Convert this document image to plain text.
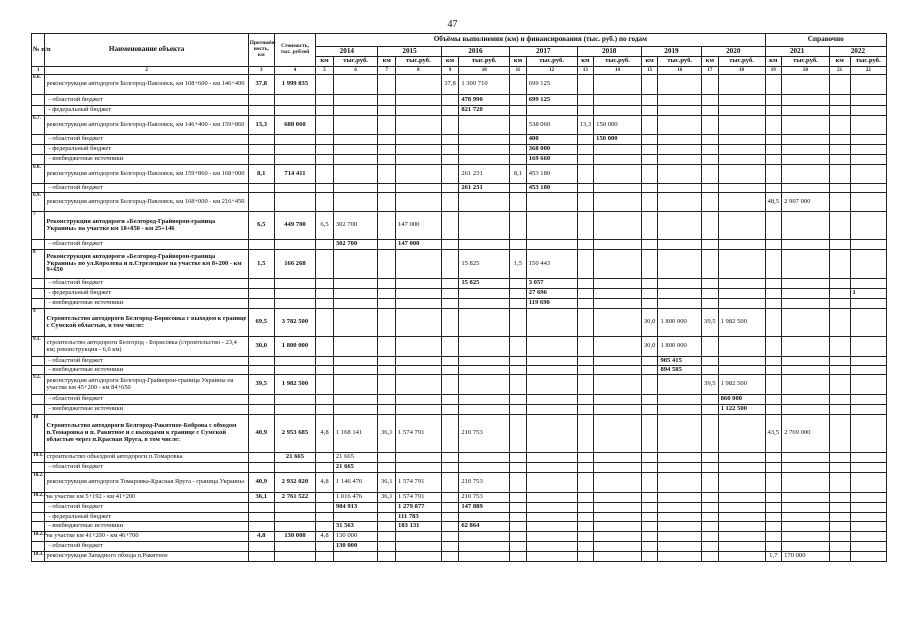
47
№ п/п	Наименование объекта	Протяжён-
ность,
км	Стоимость,
тыс. рублей	Объёмы выполнения (км) и финансирования (тыс. руб.) по годам														Справочно			
				2014		2015		2016		2017		2018		2019		2020		2021		2022	
				км	тыс.руб.	км	тыс.руб.	км	тыс.руб.	км	тыс.руб.	км	тыс.руб.	км	тыс.руб.	км	тыс.руб.	км	тыс.руб.	км	тыс.руб.
1	2	3	4	5	6	7	8	9	10	11	12	13	14	15	16	17	18	19	20	21	22
6.6.	реконструкция автодороги Белгород-Павловск, км 108+600 - км 146+400	37,8	1 999 835					37,8	1 300 710		699 125										
	- областной бюджет								478 990		699 125										
	- федеральный бюджет								821 720												
6.7.	реконструкция автодороги Белгород-Павловск, км 146+400 - км 159+860	13,3	688 060								538 060	13,3	150 000								
	- областной бюджет										400		150 000								
	- федеральный бюджет										368 000										
	- внебюджетные источники										169 660										
6.8.	реконструкция автодороги Белгород-Павловск, км 159+860 - км 168+000	8,1	714 411						261 231	8,1	453 180										
	- областной бюджет								261 231		453 180										
6.9.	реконструкция автодороги Белгород-Павловск, км 168+000 - км 216+450																	48,5	2 907 000		
7	Реконструкция автодороги «Белгород-Грайворон-граница Украины» на участке км 18+850 - км 25+146	6,5	449 700	6,5	302 700		147 000														
	- областной бюджет				302 700		147 000														
8	Реконструкция автодороги «Белгород-Грайворон-граница Украины» по ул.Королева и п.Стрелецкое на участке км 8+200 - км 9+650	1,5	166 268						15 825	1,5	150 443										
	- областной бюджет								15 825		3 057										
	- федеральный бюджет										27 696										1
	- внебюджетные источники										119 690										
9	Строительство автодороги Белгород-Борисовка с выходом к границе с Сумской областью, в том числе:	69,5	3 782 500											30,0	1 800 000	39,5	1 982 500				
9.1.	строительство автодороги Белгород - Борисовка (строительство - 23,4 км; реконструкция - 6,6 км)	30,0	1 800 000											30,0	1 800 000						
	- областной бюджет														905 415						
	- внебюджетные источники														894 585						
9.2.	реконструкция автодороги Белгород-Грайворон-граница Украины на участке км 45+200 - км 84+650	39,5	1 982 500													39,5	1 982 500				
	- областной бюджет																860 000				
	- внебюджетные источники																1 122 500				
10	Строительство автодороги Белгород-Ракитное-Боброва с обходом п.Томаровка и п. Ракитное и с выходами к границе с Сумской областью через п.Красная Яруга, в том числе:	40,9	2 953 685	4,8	1 168 141	36,1	1 574 791		210 753									43,5	2 769 000		
10.1.	строительство объездной автодороги п.Томаровка		21 665		21 665																
	- областной бюджет				21 665																
10.2.	реконструкция автодороги Томаровка-Красная Яруга - граница Украины	40,9	2 932 020	4,8	1 146 476	36,1	1 574 791		210 753												
10.2.1.	на участке км 5+192 - км 41+200	36,1	2 761 522		1 016 476	36,1	1 574 791		210 753												
	- областной бюджет				984 913		1 279 877		147 889												
	- федеральный бюджет						111 783														
	- внебюджетные источники				31 563		183 131		62 864												
10.2.2.	на участке км 41+200 - км 46+700	4,8	130 000	4,8	130 000																
	- областной бюджет				130 000																
10.3.	реконструкция Западного обхода п.Ракитное																	1,7	170 000		
